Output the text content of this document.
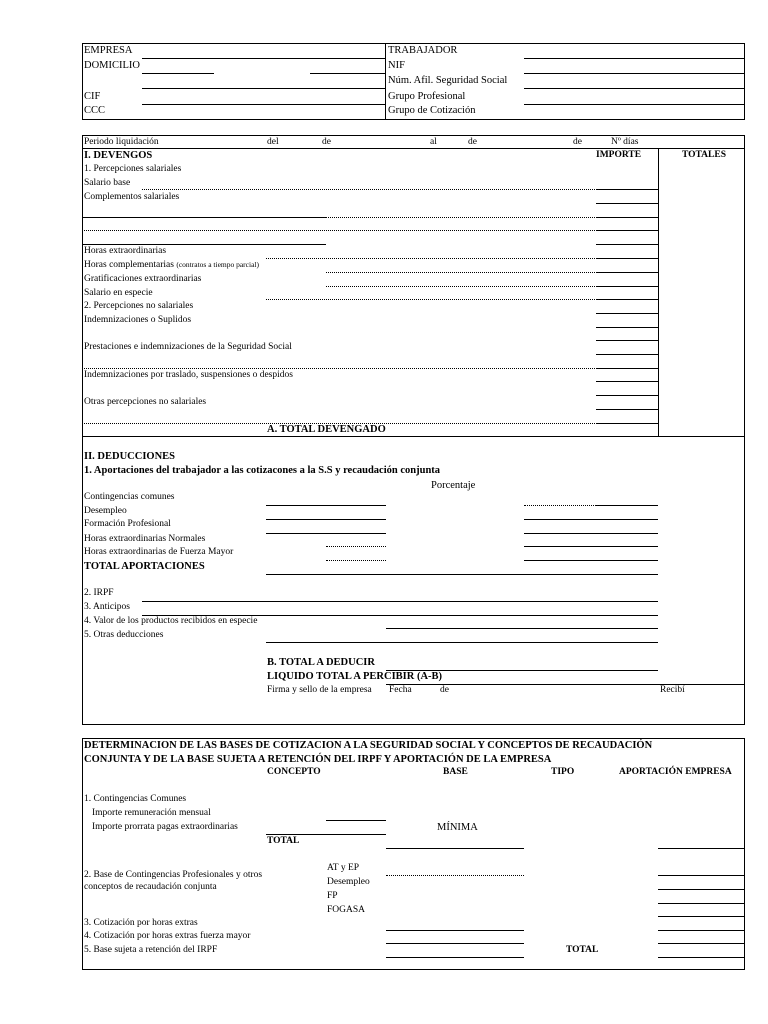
EMPRESA
DOMICILIO
CIF
CCC
TRABAJADOR
NIF
Núm. Afil. Seguridad Social
Grupo Profesional
Grupo de Cotización
Periodo liquidación	del	de	al	de	de	Nº días
I. DEVENGOS	IMPORTE	TOTALES
1. Percepciones salariales
Salario base
Complementos salariales
Horas extraordinarias
Horas complementarias (contratos a tiempo parcial)
Gratificaciones extraordinarias
Salario en especie
2. Percepciones no salariales
Indemnizaciones o Suplidos
Prestaciones e indemnizaciones de la Seguridad Social
Indemnizaciones por traslado, suspensiones o despidos
Otras percepciones no salariales
A. TOTAL DEVENGADO
II. DEDUCCIONES
1. Aportaciones del trabajador a las cotizacones a la S.S y recaudación conjunta
Porcentaje
Contingencias comunes
Desempleo
Formación Profesional
Horas extraordinarias Normales
Horas extraordinarias de Fuerza Mayor
TOTAL APORTACIONES
2. IRPF
3. Anticipos
4. Valor de los productos recibidos en especie
5. Otras deducciones
B. TOTAL A DEDUCIR
LIQUIDO TOTAL A PERCIBIR (A-B)
Firma y sello de la empresa Fecha	de	Recibí
DETERMINACION DE LAS BASES DE COTIZACION A LA SEGURIDAD SOCIAL Y CONCEPTOS DE RECAUDACIÓN
CONJUNTA Y DE LA BASE SUJETA A RETENCIÓN DEL IRPF Y APORTACIÓN DE LA EMPRESA
CONCEPTO	BASE	TIPO	APORTACIÓN EMPRESA
1. Contingencias Comunes
Importe remuneración mensual
Importe prorrata pagas extraordinarias	MÍNIMA
TOTAL
2. Base de Contingencias Profesionales y otros
conceptos de recaudación conjunta
AT y EP
Desempleo
FP
FOGASA
3. Cotización por horas extras
4. Cotización por horas extras fuerza mayor
5. Base sujeta a retención del IRPF	TOTAL
